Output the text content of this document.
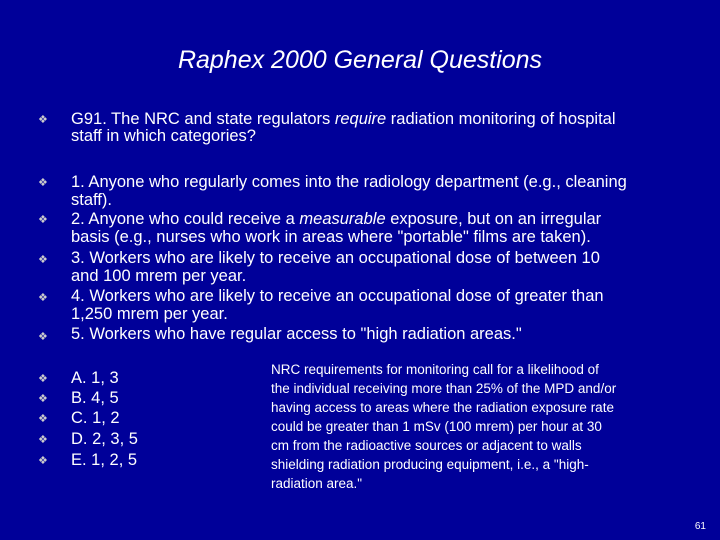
Raphex 2000 General Questions
❖
❖
❖
❖
❖
❖
❖
❖
❖
❖
❖
G91. The NRC and state regulators require radiation monitoring of hospital
staff in which categories?
1. Anyone who regularly comes into the radiology department (e.g., cleaning
staff).
2. Anyone who could receive a measurable exposure, but on an irregular
basis (e.g., nurses who work in areas where "portable" films are taken).
3. Workers who are likely to receive an occupational dose of between 10
and 100 mrem per year.
4. Workers who are likely to receive an occupational dose of greater than
1,250 mrem per year.
5. Workers who have regular access to "high radiation areas."
A. 1, 3
B. 4, 5
C. 1, 2
D. 2, 3, 5
E. 1, 2, 5
NRC requirements for monitoring call for a likelihood of
the individual receiving more than 25% of the MPD and/or
having access to areas where the radiation exposure rate
could be greater than 1 mSv (100 mrem) per hour at 30
cm from the radioactive sources or adjacent to walls
shielding radiation producing equipment, i.e., a "high-
radiation area."
61
